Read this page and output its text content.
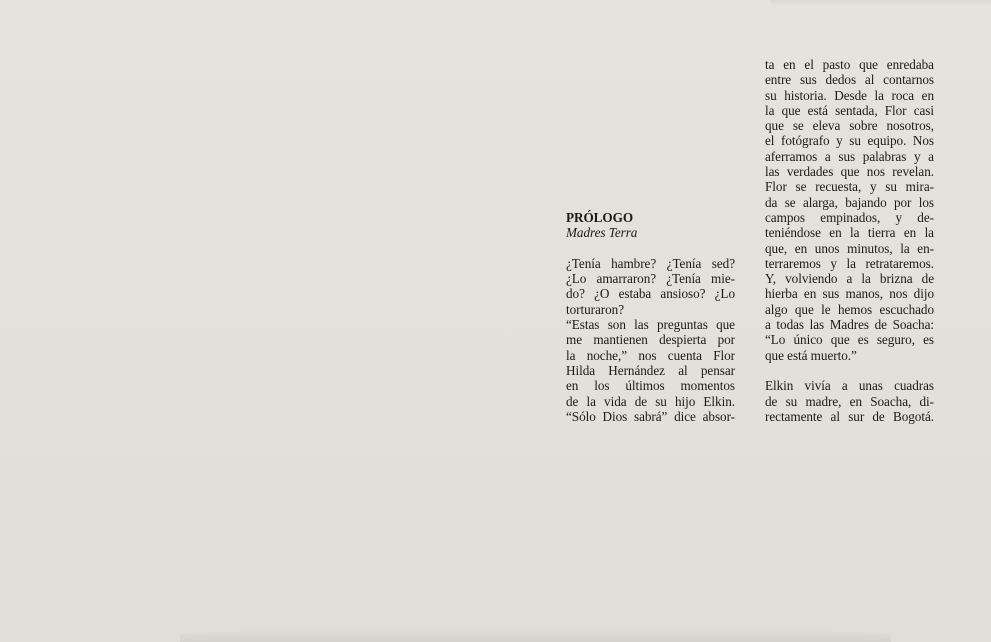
PRÓLOGO
Madres Terra
¿Tenía hambre? ¿Tenía sed?
¿Lo amarraron? ¿Tenía mie-
do? ¿O estaba ansioso? ¿Lo
torturaron?
“Estas son las preguntas que
me mantienen despierta por
la noche,” nos cuenta Flor
Hilda Hernández al pensar
en los últimos momentos
de la vida de su hijo Elkin.
“Sólo Dios sabrá” dice absor-
ta en el pasto que enredaba
entre sus dedos al contarnos
su historia. Desde la roca en
la que está sentada, Flor casi
que se eleva sobre nosotros,
el fotógrafo y su equipo. Nos
aferramos a sus palabras y a
las verdades que nos revelan.
Flor se recuesta, y su mira-
da se alarga, bajando por los
campos empinados, y de-
teniéndose en la tierra en la
que, en unos minutos, la en-
terraremos y la retrataremos.
Y, volviendo a la brizna de
hierba en sus manos, nos dijo
algo que le hemos escuchado
a todas las Madres de Soacha:
“Lo único que es seguro, es
que está muerto.”
Elkin vivía a unas cuadras
de su madre, en Soacha, di-
rectamente al sur de Bogotá.
